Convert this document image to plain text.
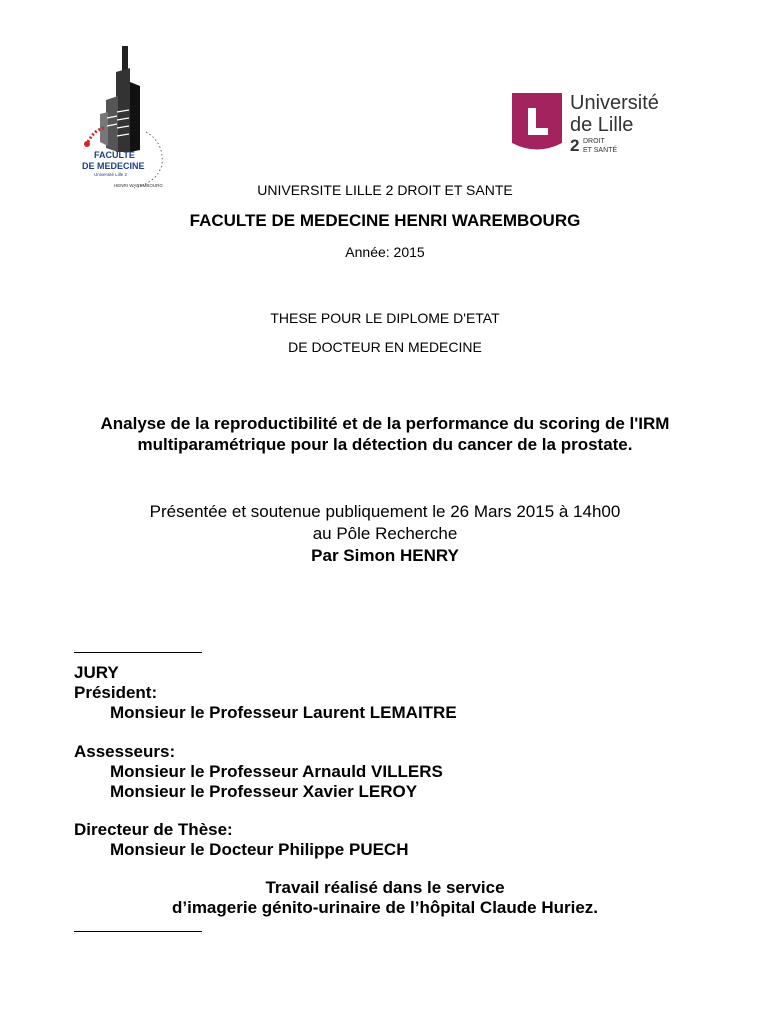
FACULTE
DE MEDECINE
Université Lille 2
HENRI WAREMBOURG
Université
de Lille
2 DROIT
ET SANTÉ
UNIVERSITE LILLE 2 DROIT ET SANTE
FACULTE DE MEDECINE HENRI WAREMBOURG
Année: 2015
THESE POUR LE DIPLOME D'ETAT
DE DOCTEUR EN MEDECINE
Analyse de la reproductibilité et de la performance du scoring de l'IRM
multiparamétrique pour la détection du cancer de la prostate.
Présentée et soutenue publiquement le 26 Mars 2015 à 14h00
au Pôle Recherche
Par Simon HENRY
JURY
Président:
Monsieur le Professeur Laurent LEMAITRE
Assesseurs:
Monsieur le Professeur Arnauld VILLERS
Monsieur le Professeur Xavier LEROY
Directeur de Thèse:
Monsieur le Docteur Philippe PUECH
Travail réalisé dans le service
d’imagerie génito-urinaire de l’hôpital Claude Huriez.
